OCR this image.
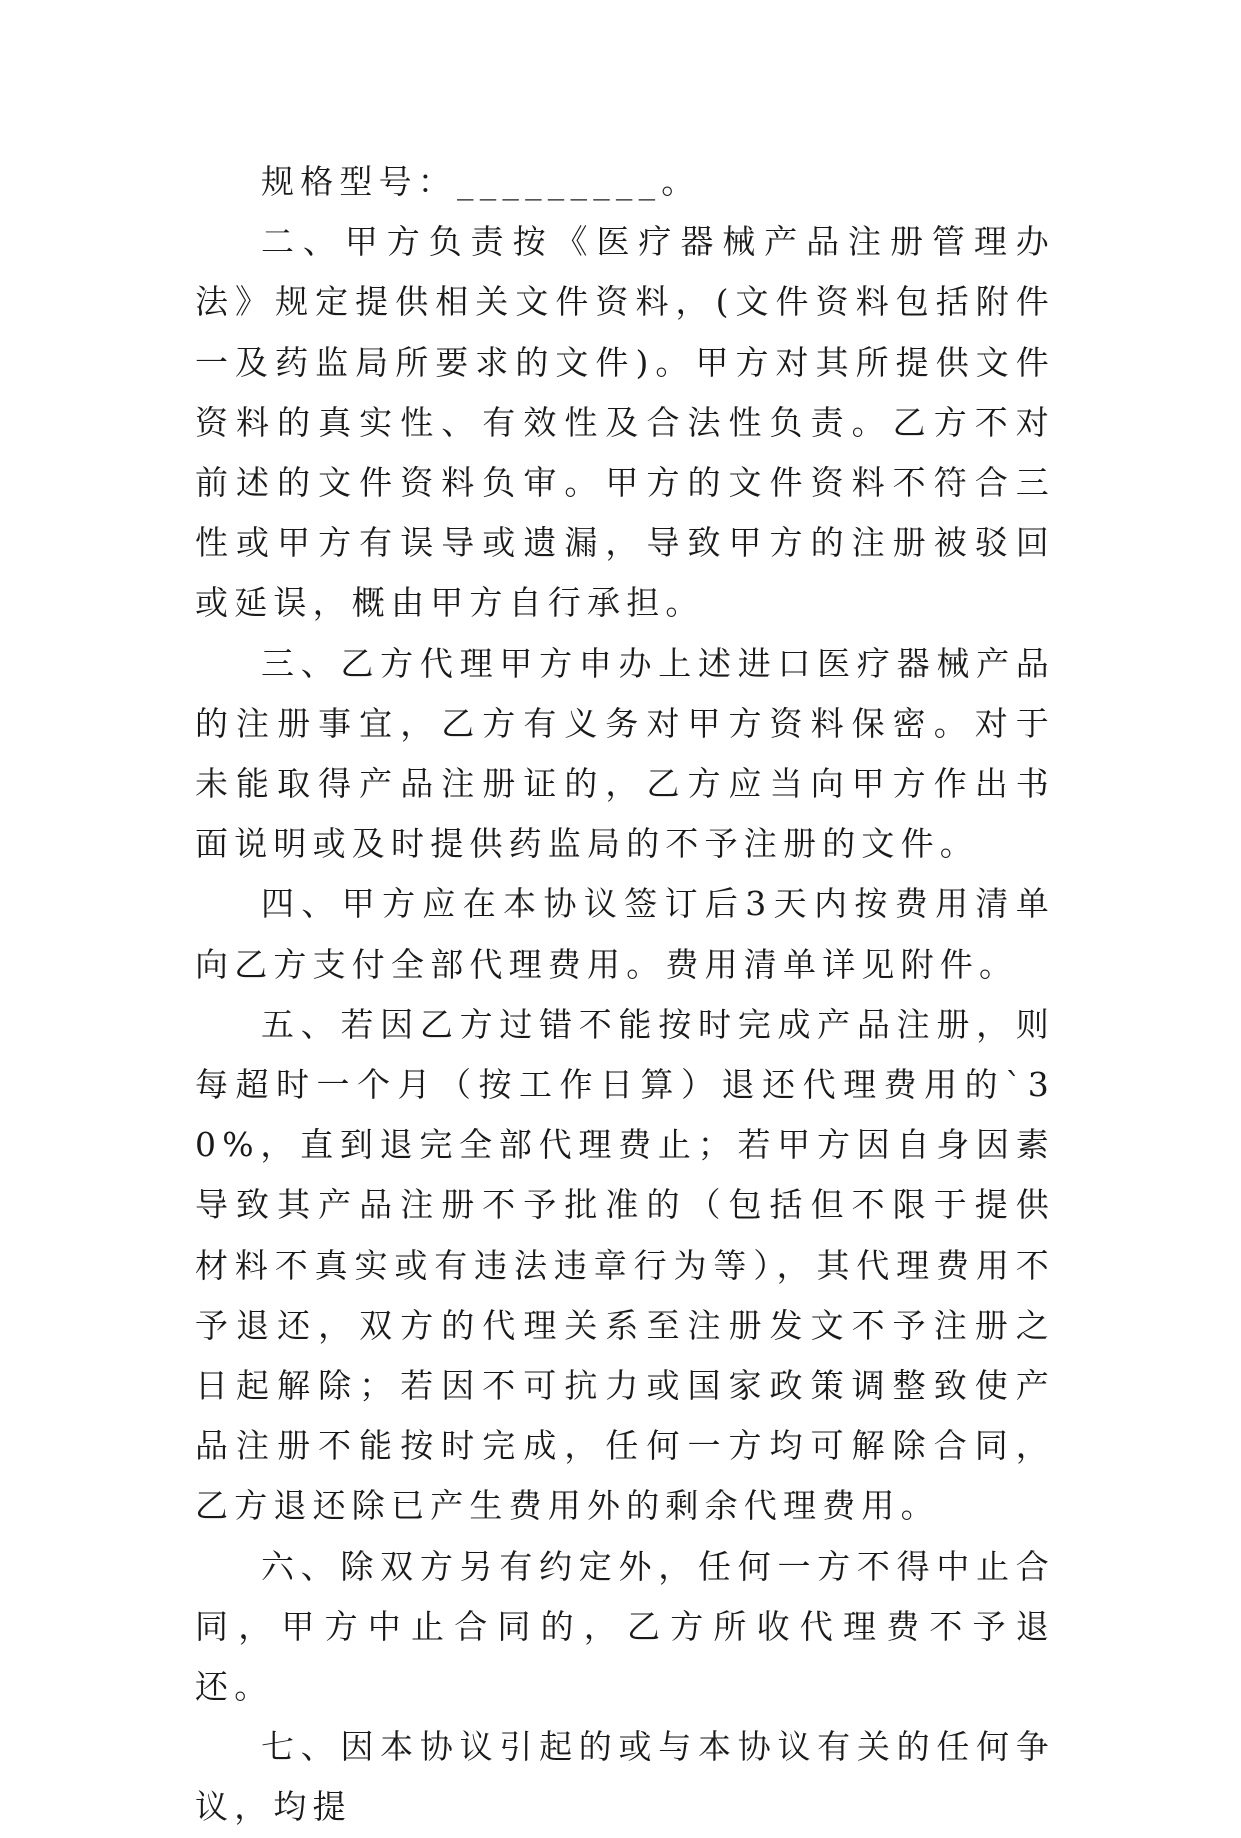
规格型号：_________。

二、甲方负责按《医疗器械产品注册管理办法》规定提供相关文件资料，(文件资料包括附件一及药监局所要求的文件)。甲方对其所提供文件资料的真实性、有效性及合法性负责。乙方不对前述的文件资料负审。甲方的文件资料不符合三性或甲方有误导或遗漏，导致甲方的注册被驳回或延误，概由甲方自行承担。

三、乙方代理甲方申办上述进口医疗器械产品的注册事宜，乙方有义务对甲方资料保密。对于未能取得产品注册证的，乙方应当向甲方作出书面说明或及时提供药监局的不予注册的文件。

四、甲方应在本协议签订后3天内按费用清单向乙方支付全部代理费用。费用清单详见附件。

五、若因乙方过错不能按时完成产品注册，则每超时一个月（按工作日算）退还代理费用的`30%，直到退完全部代理费止；若甲方因自身因素导致其产品注册不予批准的（包括但不限于提供材料不真实或有违法违章行为等），其代理费用不予退还，双方的代理关系至注册发文不予注册之日起解除；若因不可抗力或国家政策调整致使产品注册不能按时完成，任何一方均可解除合同，乙方退还除已产生费用外的剩余代理费用。

六、除双方另有约定外，任何一方不得中止合同，甲方中止合同的，乙方所收代理费不予退还。

七、因本协议引起的或与本协议有关的任何争议，均提
